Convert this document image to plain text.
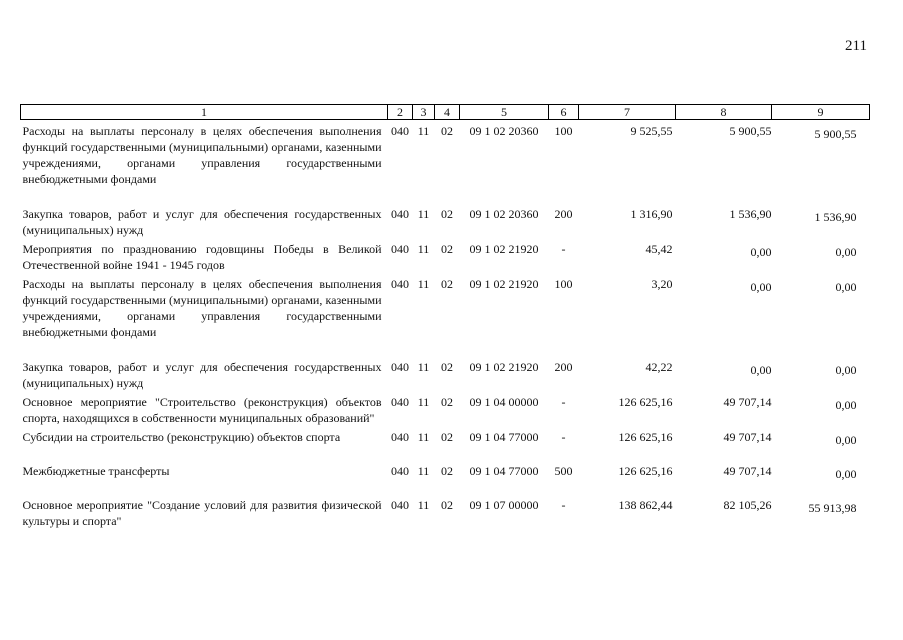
211
1	2	3	4	5	6	7	8	9
Расходы на выплаты персоналу в целях обеспечения выполнения функций государственными (муниципальными) органами, казенными учреждениями, органами управления государственными внебюджетными фондами	040	11	02	09 1 02 20360	100	9 525,55	5 900,55	5 900,55
Закупка товаров, работ и услуг для обеспечения государственных (муниципальных) нужд	040	11	02	09 1 02 20360	200	1 316,90	1 536,90	1 536,90
Мероприятия по празднованию годовщины Победы в Великой Отечественной войне 1941 - 1945 годов	040	11	02	09 1 02 21920	-	45,42	0,00	0,00
Расходы на выплаты персоналу в целях обеспечения выполнения функций государственными (муниципальными) органами, казенными учреждениями, органами управления государственными внебюджетными фондами	040	11	02	09 1 02 21920	100	3,20	0,00	0,00
Закупка товаров, работ и услуг для обеспечения государственных (муниципальных) нужд	040	11	02	09 1 02 21920	200	42,22	0,00	0,00
Основное мероприятие "Строительство (реконструкция) объектов спорта, находящихся в собственности муниципальных образований"	040	11	02	09 1 04 00000	-	126 625,16	49 707,14	0,00
Субсидии на строительство (реконструкцию) объектов спорта	040	11	02	09 1 04 77000	-	126 625,16	49 707,14	0,00
Межбюджетные трансферты	040	11	02	09 1 04 77000	500	126 625,16	49 707,14	0,00
Основное мероприятие "Создание условий для развития физической культуры и спорта"	040	11	02	09 1 07 00000	-	138 862,44	82 105,26	55 913,98
